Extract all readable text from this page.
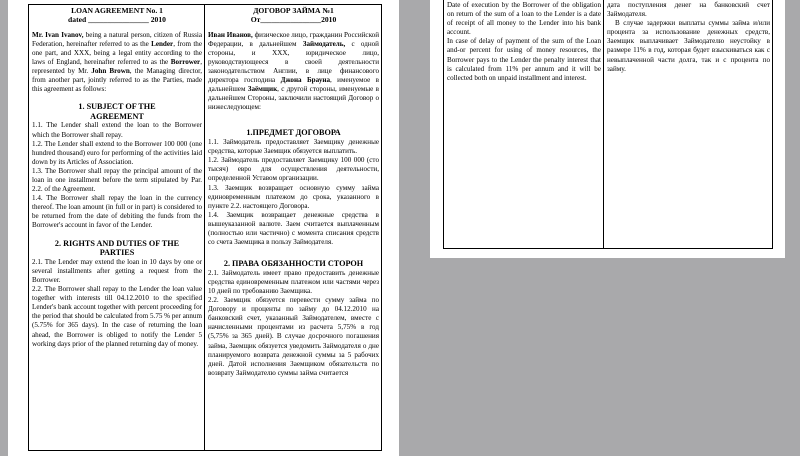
LOAN AGREEMENT No. 1
dated ________________ 2010

Mr. Ivan Ivanov, being a natural person, citizen of Russia Federation, hereinafter referred to as the Lender, from the one part, and XXX, being a legal entity according to the laws of England, hereinafter referred to as the Borrower, represented by Mr. John Brown, the Managing director, from another part, jointly referred to as the Parties, made this agreement as follows:

1. SUBJECT OF THE
AGREEMENT

1.1. The Lender shall extend the loan to the Borrower which the Borrower shall repay.

1.2. The Lender shall extend to the Borrower 100 000 (one hundred thousand) euro for performing of the activities laid down by its Articles of Association.

1.3. The Borrower shall repay the principal amount of the loan in one installment before the term stipulated by Par. 2.2. of the Agreement.

1.4. The Borrower shall repay the loan in the currency thereof. The loan amount (in full or in part) is considered to be returned from the date of debiting the funds from the Borrower's account in favor of the Lender.

2. RIGHTS AND DUTIES OF THE
PARTIES

2.1. The Lender may extend the loan in 10 days by one or several installments after getting a request from the Borrower.

2.2. The Borrower shall repay to the Lender the loan value together with interests till 04.12.2010 to the specified Lender's bank account together with percent proceeding for the period that should be calculated from 5.75 % per annum (5.75% for 365 days). In the case of returning the loan ahead, the Borrower is obliged to notify the Lender 5 working days prior of the planned returning day of money.

ДОГОВОР ЗАЙМА №1
От________________2010

Иван Иванов, физическое лицо, гражданин Российской Федерации, в дальнейшем Займодатель, с одной стороны, и XXX, юридическое лицо, руководствующееся в своей деятельности законодательством Англии, в лице финансового директора господина Джона Брауна, именуемое в дальнейшем Заёмщик, с другой стороны, именуемые в дальнейшем Стороны, заключили настоящий Договор о нижеследующем:

1.ПРЕДМЕТ ДОГОВОРА

1.1. Займодатель предоставляет Заемщику денежные средства, которые Заемщик обязуется выплатить.

1.2. Займодатель предоставляет Заемщику 100 000 (сто тысяч) евро для осуществления деятельности, определенной Уставом организации.

1.3. Заемщик возвращает основную сумму займа единовременным платежом до срока, указанного в пункте 2.2. настоящего Договора.

1.4. Заемщик возвращает денежные средства в вышеуказанной валюте. Заем считается выплаченным (полностью или частично) с момента списания средств со счета Заемщика в пользу Займодателя.

2. ПРАВА ОБЯЗАННОСТИ СТОРОН

2.1. Займодатель имеет право предоставить денежные средства единовременным платежом или частями через 10 дней по требованию Заемщика.

2.2. Заемщик обязуется перевести сумму займа по Договору и проценты по займу до 04.12.2010 на банковский счет, указанный Займодателем, вместе с начисленными процентами из расчета 5,75% в год (5,75% за 365 дней). В случае досрочного погашения займа, Заемщик обязуется уведомить Займодателя о дне планируемого возврата денежной суммы за 5 рабочих дней. Датой исполнения Заемщиком обязательств по возврату Займодателю суммы займа считается

Date of execution by the Borrower of the obligation on return of the sum of a loan to the Lender is a date of receipt of all money to the Lender into his bank account.

In case of delay of payment of the sum of the Loan and-or percent for using of money resources, the Borrower pays to the Lender the penalty interest that is calculated from 11% per annum and it will be collected both on unpaid installment and interest.

дата поступления денег на банковский счет Займодателя.

В случае задержки выплаты суммы займа и/или процента за использование денежных средств, Заемщик выплачивает Займодателю неустойку в размере 11% в год, которая будет взыскиваться как с невыплаченной части долга, так и с процента по займу.
